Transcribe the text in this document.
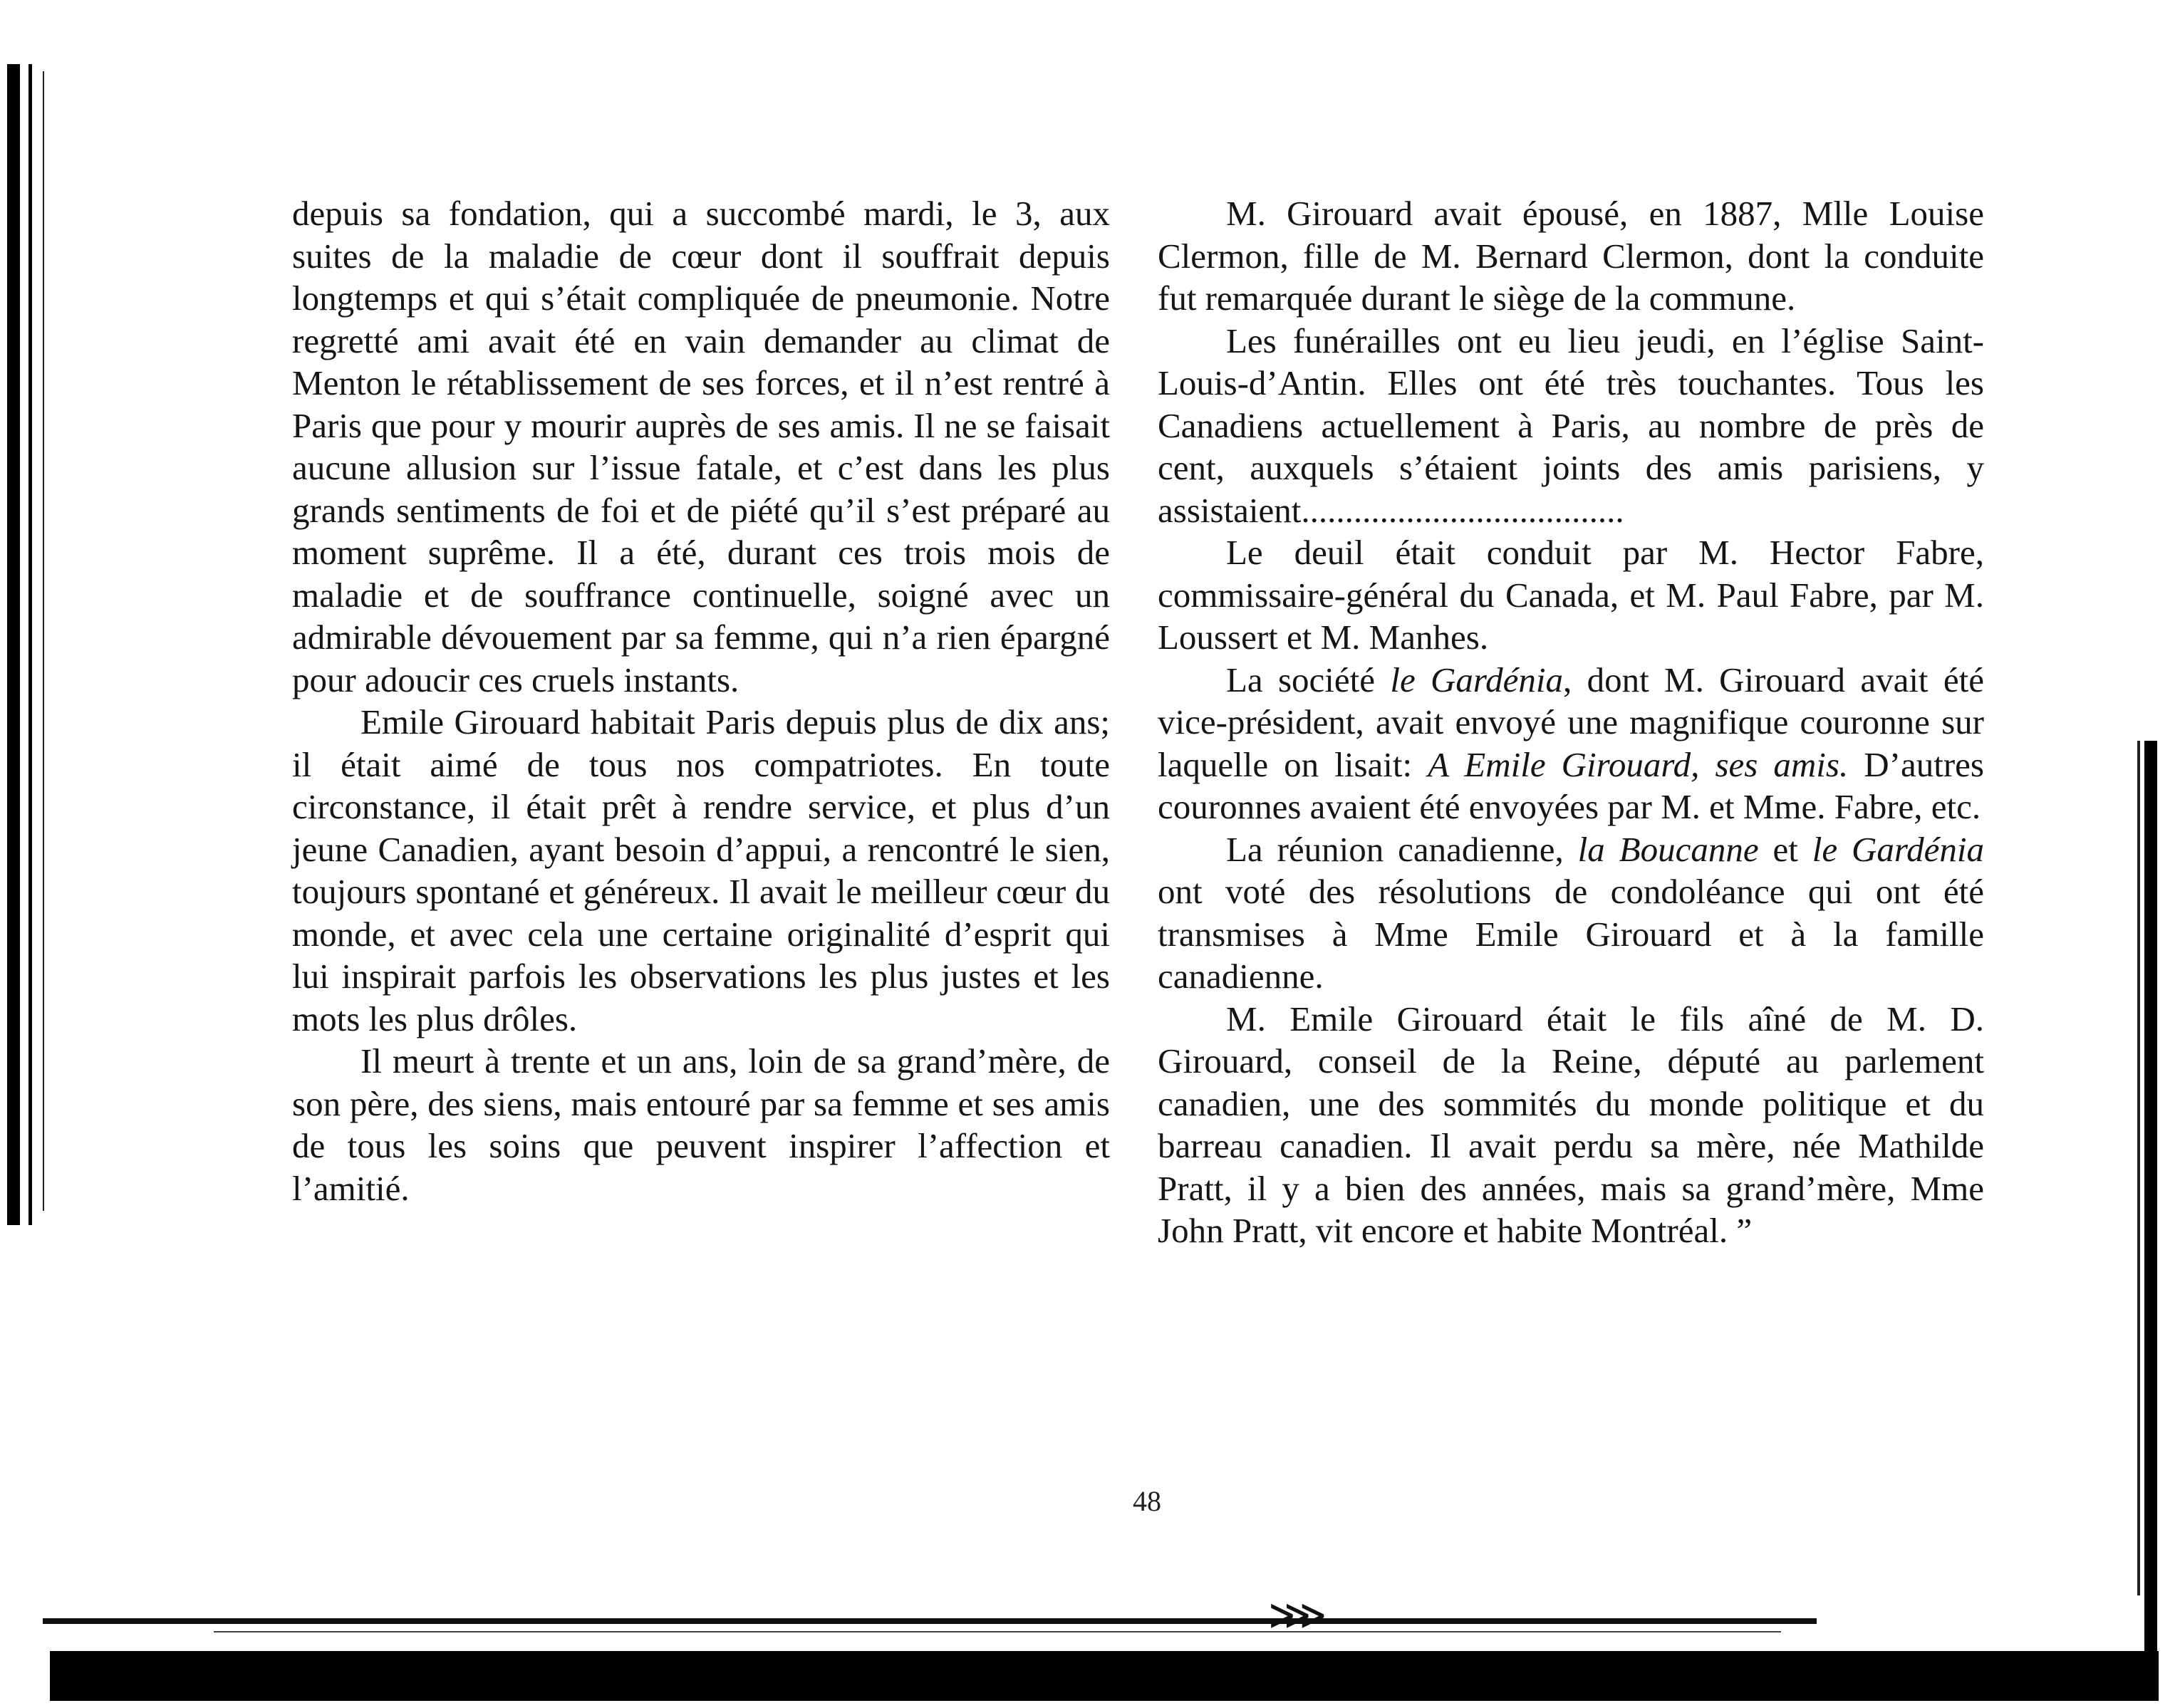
depuis sa fondation, qui a succombé mardi, le 3, aux suites de la maladie de cœur dont il souffrait depuis longtemps et qui s’était compliquée de pneumonie. Notre regretté ami avait été en vain demander au climat de Menton le rétablissement de ses forces, et il n’est rentré à Paris que pour y mourir auprès de ses amis. Il ne se faisait aucune allusion sur l’issue fatale, et c’est dans les plus grands sentiments de foi et de piété qu’il s’est préparé au moment suprême. Il a été, durant ces trois mois de maladie et de souffrance continuelle, soigné avec un admirable dévouement par sa femme, qui n’a rien épargné pour adoucir ces cruels instants.

Emile Girouard habitait Paris depuis plus de dix ans; il était aimé de tous nos compatriotes. En toute circonstance, il était prêt à rendre service, et plus d’un jeune Canadien, ayant besoin d’appui, a rencontré le sien, toujours spontané et généreux. Il avait le meilleur cœur du monde, et avec cela une certaine originalité d’esprit qui lui inspirait parfois les observations les plus justes et les mots les plus drôles.

Il meurt à trente et un ans, loin de sa grand’mère, de son père, des siens, mais entouré par sa femme et ses amis de tous les soins que peuvent inspirer l’affection et l’amitié.

M. Girouard avait épousé, en 1887, Mlle Louise Clermon, fille de M. Bernard Clermon, dont la conduite fut remarquée durant le siège de la commune.

Les funérailles ont eu lieu jeudi, en l’église Saint-Louis-d’Antin. Elles ont été très touchantes. Tous les Canadiens actuellement à Paris, au nombre de près de cent, auxquels s’étaient joints des amis parisiens, y assistaient.....................................

Le deuil était conduit par M. Hector Fabre, commissaire-général du Canada, et M. Paul Fabre, par M. Loussert et M. Manhes.

La société le Gardénia, dont M. Girouard avait été vice-président, avait envoyé une magnifique couronne sur laquelle on lisait: A Emile Girouard, ses amis. D’autres couronnes avaient été envoyées par M. et Mme. Fabre, etc.

La réunion canadienne, la Boucanne et le Gardénia ont voté des résolutions de condoléance qui ont été transmises à Mme Emile Girouard et à la famille canadienne.

M. Emile Girouard était le fils aîné de M. D. Girouard, conseil de la Reine, député au parlement canadien, une des sommités du monde politique et du barreau canadien. Il avait perdu sa mère, née Mathilde Pratt, il y a bien des années, mais sa grand’mère, Mme John Pratt, vit encore et habite Montréal. ”

48
⋙
